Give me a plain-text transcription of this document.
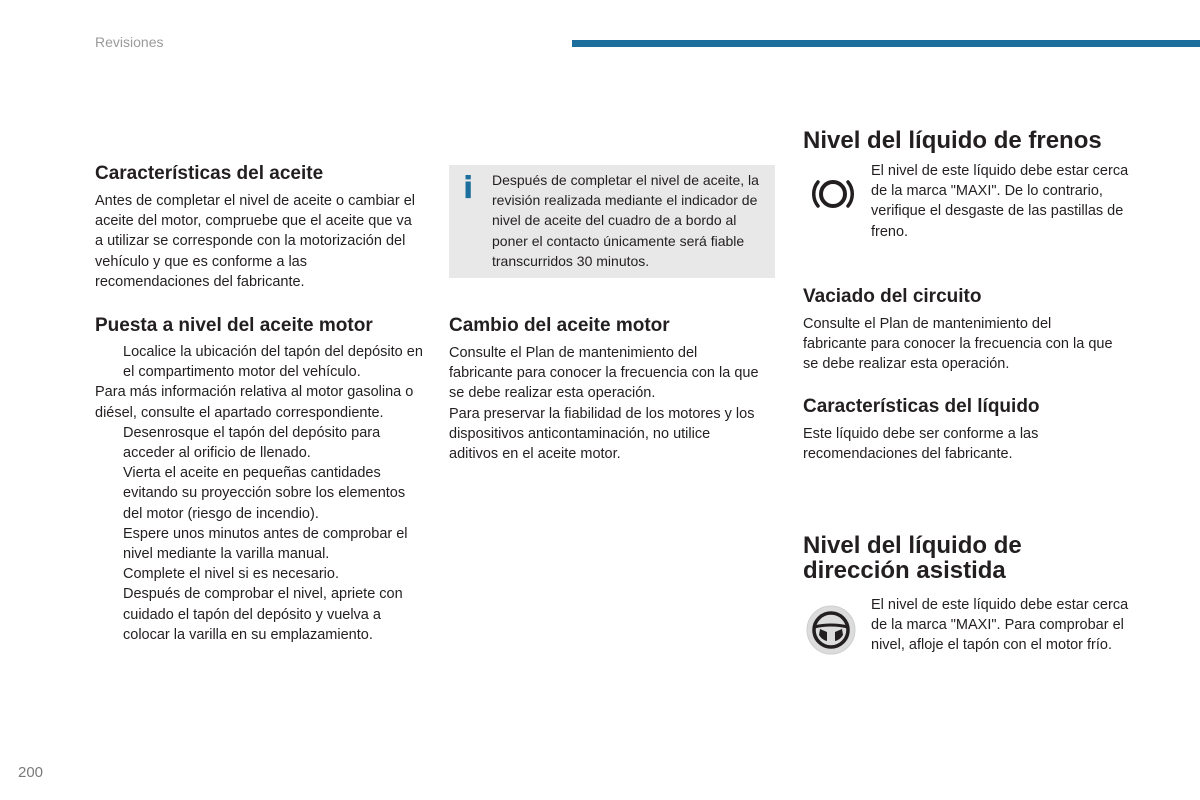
Revisiones
200
Características del aceite

Antes de completar el nivel de aceite o cambiar el aceite del motor, compruebe que el aceite que va a utilizar se corresponde con la motorización del vehículo y que es conforme a las recomendaciones del fabricante.

Puesta a nivel del aceite motor
Localice la ubicación del tapón del depósito en el compartimento motor del vehículo.

Para más información relativa al motor gasolina o diésel, consulte el apartado correspondiente.

Desenrosque el tapón del depósito para acceder al orificio de llenado.
Vierta el aceite en pequeñas cantidades evitando su proyección sobre los elementos del motor (riesgo de incendio).
Espere unos minutos antes de comprobar el nivel mediante la varilla manual.
Complete el nivel si es necesario.
Después de comprobar el nivel, apriete con cuidado el tapón del depósito y vuelva a colocar la varilla en su emplazamiento.
i Después de completar el nivel de aceite, la revisión realizada mediante el indicador de nivel de aceite del cuadro de a bordo al poner el contacto únicamente será fiable transcurridos 30 minutos.
Cambio del aceite motor

Consulte el Plan de mantenimiento del fabricante para conocer la frecuencia con la que se debe realizar esta operación.

Para preservar la fiabilidad de los motores y los dispositivos anticontaminación, no utilice aditivos en el aceite motor.

Nivel del líquido de frenos

El nivel de este líquido debe estar cerca de la marca "MAXI". De lo contrario, verifique el desgaste de las pastillas de freno.

Vaciado del circuito

Consulte el Plan de mantenimiento del fabricante para conocer la frecuencia con la que se debe realizar esta operación.

Características del líquido

Este líquido debe ser conforme a las recomendaciones del fabricante.

Nivel del líquido de
dirección asistida

El nivel de este líquido debe estar cerca de la marca "MAXI". Para comprobar el nivel, afloje el tapón con el motor frío.
